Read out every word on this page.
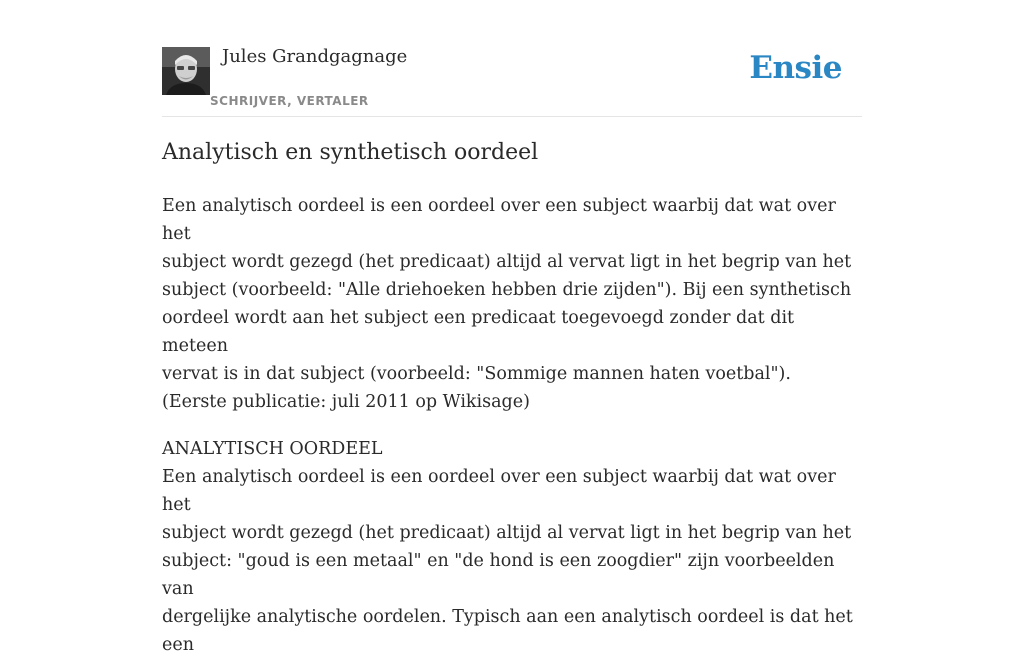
Jules Grandgagnage
SCHRIJVER, VERTALER
Ensie
Analytisch en synthetisch oordeel

Een analytisch oordeel is een oordeel over een subject waarbij dat wat over het
subject wordt gezegd (het predicaat) altijd al vervat ligt in het begrip van het
subject (voorbeeld: "Alle driehoeken hebben drie zijden"). Bij een synthetisch
oordeel wordt aan het subject een predicaat toegevoegd zonder dat dit meteen
vervat is in dat subject (voorbeeld: "Sommige mannen haten voetbal").
(Eerste publicatie: juli 2011 op Wikisage)

ANALYTISCH OORDEEL
Een analytisch oordeel is een oordeel over een subject waarbij dat wat over het
subject wordt gezegd (het predicaat) altijd al vervat ligt in het begrip van het
subject: "goud is een metaal" en "de hond is een zoogdier" zijn voorbeelden van
dergelijke analytische oordelen. Typisch aan een analytisch oordeel is dat het een
